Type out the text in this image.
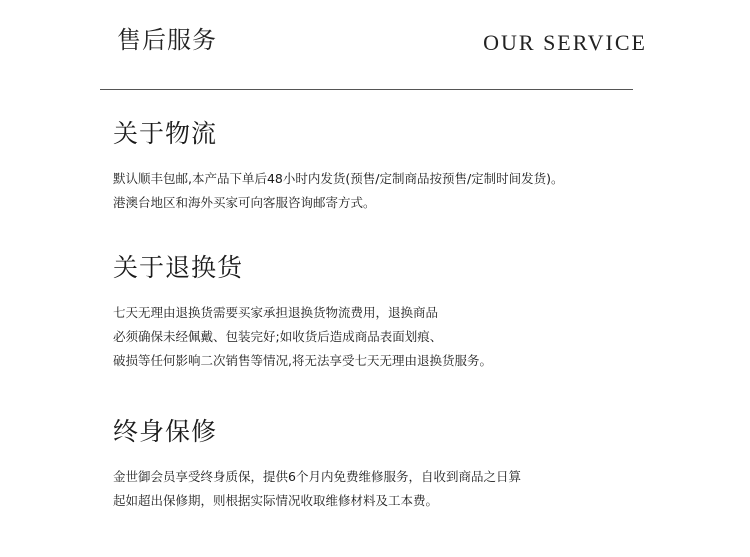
售后服务	OUR SERVICE
关于物流
默认顺丰包邮,本产品下单后48小时内发货(预售/定制商品按预售/定制时间发货)。
港澳台地区和海外买家可向客服咨询邮寄方式。
关于退换货
七天无理由退换货需要买家承担退换货物流费用，退换商品
必须确保未经佩戴、包装完好;如收货后造成商品表面划痕、
破损等任何影响二次销售等情况,将无法享受七天无理由退换货服务。
终身保修
金世御会员享受终身质保，提供6个月内免费维修服务，自收到商品之日算
起如超出保修期，则根据实际情况收取维修材料及工本费。
